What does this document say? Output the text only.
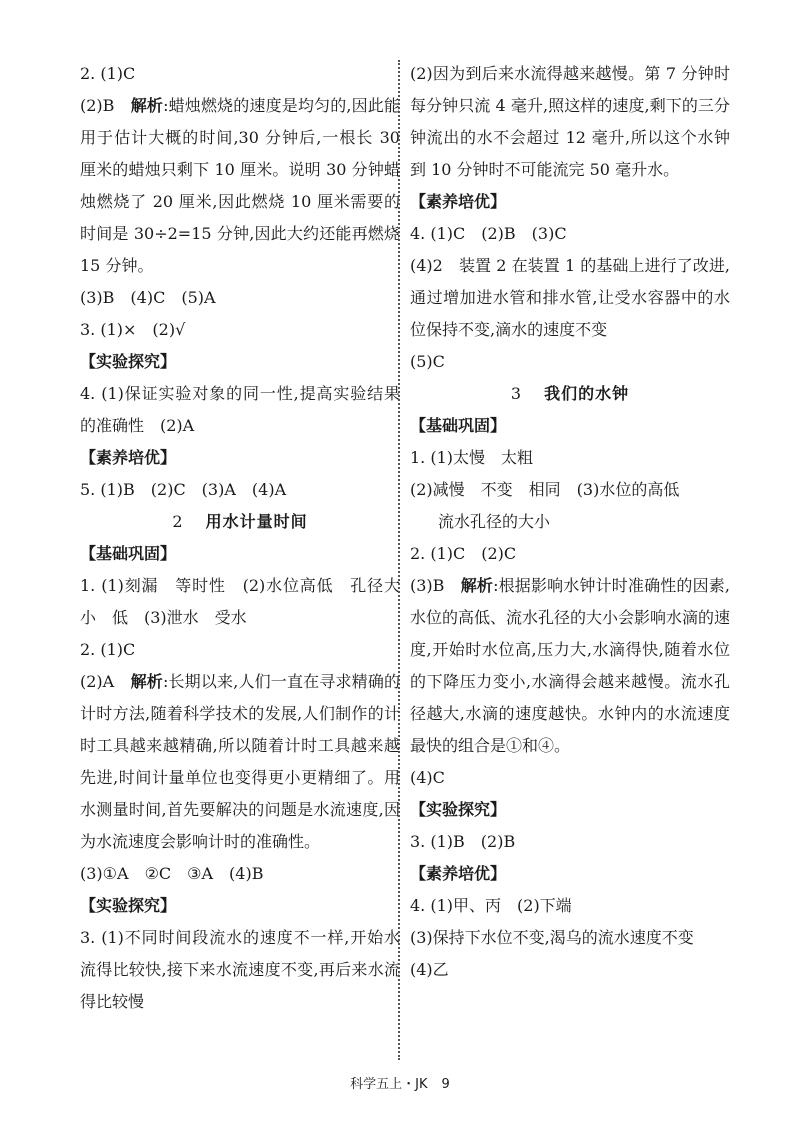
2. (1)C

(2)B　解析:蜡烛燃烧的速度是均匀的,因此能用于估计大概的时间,30 分钟后,一根长 30 厘米的蜡烛只剩下 10 厘米。说明 30 分钟蜡烛燃烧了 20 厘米,因此燃烧 10 厘米需要的时间是 30÷2=15 分钟,因此大约还能再燃烧 15 分钟。

(3)B　(4)C　(5)A

3. (1)×　(2)√

【实验探究】

4. (1)保证实验对象的同一性,提高实验结果的准确性　(2)A

【素养培优】

5. (1)B　(2)C　(3)A　(4)A

2 用水计量时间

【基础巩固】

1. (1)刻漏　等时性　(2)水位高低　孔径大小　低　(3)泄水　受水

2. (1)C

(2)A　解析:长期以来,人们一直在寻求精确的计时方法,随着科学技术的发展,人们制作的计时工具越来越精确,所以随着计时工具越来越先进,时间计量单位也变得更小更精细了。用水测量时间,首先要解决的问题是水流速度,因为水流速度会影响计时的准确性。

(3)①A　②C　③A　(4)B

【实验探究】

3. (1)不同时间段流水的速度不一样,开始水流得比较快,接下来水流速度不变,再后来水流得比较慢

(2)因为到后来水流得越来越慢。第 7 分钟时每分钟只流 4 毫升,照这样的速度,剩下的三分钟流出的水不会超过 12 毫升,所以这个水钟到 10 分钟时不可能流完 50 毫升水。

【素养培优】

4. (1)C　(2)B　(3)C

(4)2　装置 2 在装置 1 的基础上进行了改进,通过增加进水管和排水管,让受水容器中的水位保持不变,滴水的速度不变

(5)C

3 我们的水钟

【基础巩固】

1. (1)太慢　太粗

(2)减慢　不变　相同　(3)水位的高低

流水孔径的大小

2. (1)C　(2)C

(3)B　解析:根据影响水钟计时准确性的因素,水位的高低、流水孔径的大小会影响水滴的速度,开始时水位高,压力大,水滴得快,随着水位的下降压力变小,水滴得会越来越慢。流水孔径越大,水滴的速度越快。水钟内的水流速度最快的组合是①和④。

(4)C

【实验探究】

3. (1)B　(2)B

【素养培优】

4. (1)甲、丙　(2)下端

(3)保持下水位不变,渴乌的流水速度不变

(4)乙

科学五上・JK 9
